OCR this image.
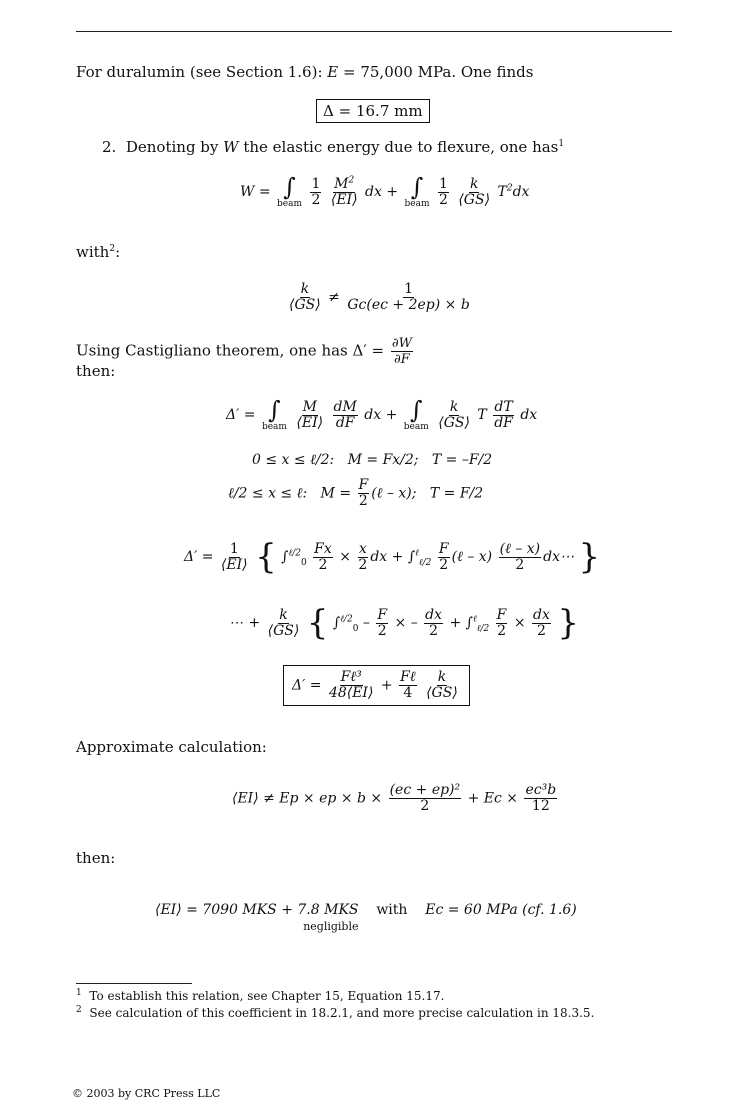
For duralumin (see Section 1.6): E = 75,000 MPa. One finds
Δ = 16.7 mm
2. Denoting by W the elastic energy due to flexure, one has$^1$
W = ∫
beam
$\frac{1}{2}$
$\frac{M^2}{⟨EI⟩}$ dx + ∫
beam
$\frac{1}{2}$
$\frac{k}{⟨GS⟩} T^2dx$
with$^2$:
$\frac{k}{⟨GS⟩} \ne \frac{1}{Gc(ec + 2ep) \times b}$
Using Castigliano theorem, one has $\Delta' = \frac{\partial W}{\partial F}$
then:
Δ′ = ∫
beam
$\frac{M}{⟨EI⟩}$
$\frac{dM}{dF}$ dx + ∫
beam
$\frac{k}{⟨GS⟩}$ T $\frac{dT}{dF}$ dx
0 ≤ x ≤ ℓ/2: M = Fx/2; T = –F/2
ℓ/2 ≤ x ≤ ℓ: $M = \frac{F}{2}$ (ℓ – x); T = F/2
$\Delta' = \frac{1}{⟨EI⟩}$ { $\int^{\ell/2}_0 \frac{Fx}{2} \times \frac{x}{2}$ dx + $\int^\ell_{\ell/2} \frac{F}{2}$ (ℓ – $x) \frac{\text{(ℓ – x)}}{2}$ dx⋯ }
⋯ + $\frac{k}{⟨GS⟩}$ { $\int^{\ell/2}_0 - \frac{F}{2}$ × – $\frac{dx}{2} + \int^\ell_{\ell/2} \frac{F}{2} \times \frac{dx}{2}$ }
$\Delta' = \frac{\text{Fℓ³}}{48⟨EI⟩} + \frac{\text{Fℓ}}{4}$
$\frac{k}{⟨GS⟩}$
Approximate calculation:
⟨EI⟩ ≠ Ep × ep × $b \times \frac{\text{(ec + ep)²}}{2} + Ec \times \frac{\text{ec³b}}{12}$
then:
⟨EI⟩ = 7090 MKS + 7.8 MKS
negligible
with Ec = 60 MPa (cf. 1.6)
$^1$ To establish this relation, see Chapter 15, Equation 15.17.
$^2$ See calculation of this coefficient in 18.2.1, and more precise calculation in 18.3.5.
© 2003 by CRC Press LLC
